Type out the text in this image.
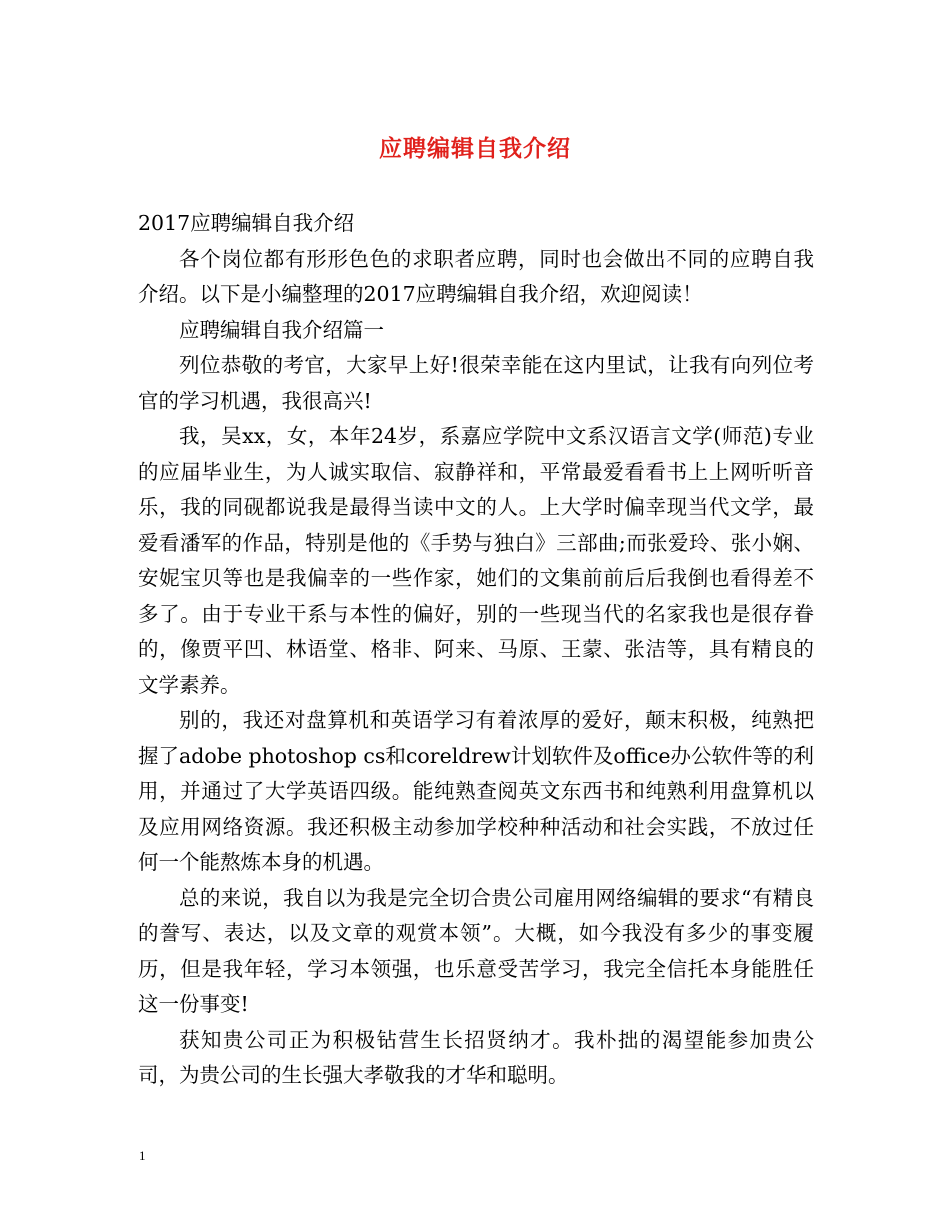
应聘编辑自我介绍

2017应聘编辑自我介绍

各个岗位都有形形色色的求职者应聘，同时也会做出不同的应聘自我介绍。以下是小编整理的2017应聘编辑自我介绍，欢迎阅读！

应聘编辑自我介绍篇一

列位恭敬的考官，大家早上好!很荣幸能在这内里试，让我有向列位考官的学习机遇，我很高兴!

我，吴xx，女，本年24岁，系嘉应学院中文系汉语言文学(师范)专业的应届毕业生，为人诚实取信、寂静祥和，平常最爱看看书上上网听听音乐，我的同砚都说我是最得当读中文的人。上大学时偏幸现当代文学，最爱看潘军的作品，特别是他的《手势与独白》三部曲;而张爱玲、张小娴、安妮宝贝等也是我偏幸的一些作家，她们的文集前前后后我倒也看得差不多了。由于专业干系与本性的偏好，别的一些现当代的名家我也是很存眷的，像贾平凹、林语堂、格非、阿来、马原、王蒙、张洁等，具有精良的文学素养。

别的，我还对盘算机和英语学习有着浓厚的爱好，颠末积极，纯熟把握了adobe photoshop cs和coreldrew计划软件及office办公软件等的利用，并通过了大学英语四级。能纯熟查阅英文东西书和纯熟利用盘算机以及应用网络资源。我还积极主动参加学校种种活动和社会实践，不放过任何一个能熬炼本身的机遇。

总的来说，我自以为我是完全切合贵公司雇用网络编辑的要求“有精良的誊写、表达，以及文章的观赏本领”。大概，如今我没有多少的事变履历，但是我年轻，学习本领强，也乐意受苦学习，我完全信托本身能胜任这一份事变!

获知贵公司正为积极钻营生长招贤纳才。我朴拙的渴望能参加贵公司，为贵公司的生长强大孝敬我的才华和聪明。

1
